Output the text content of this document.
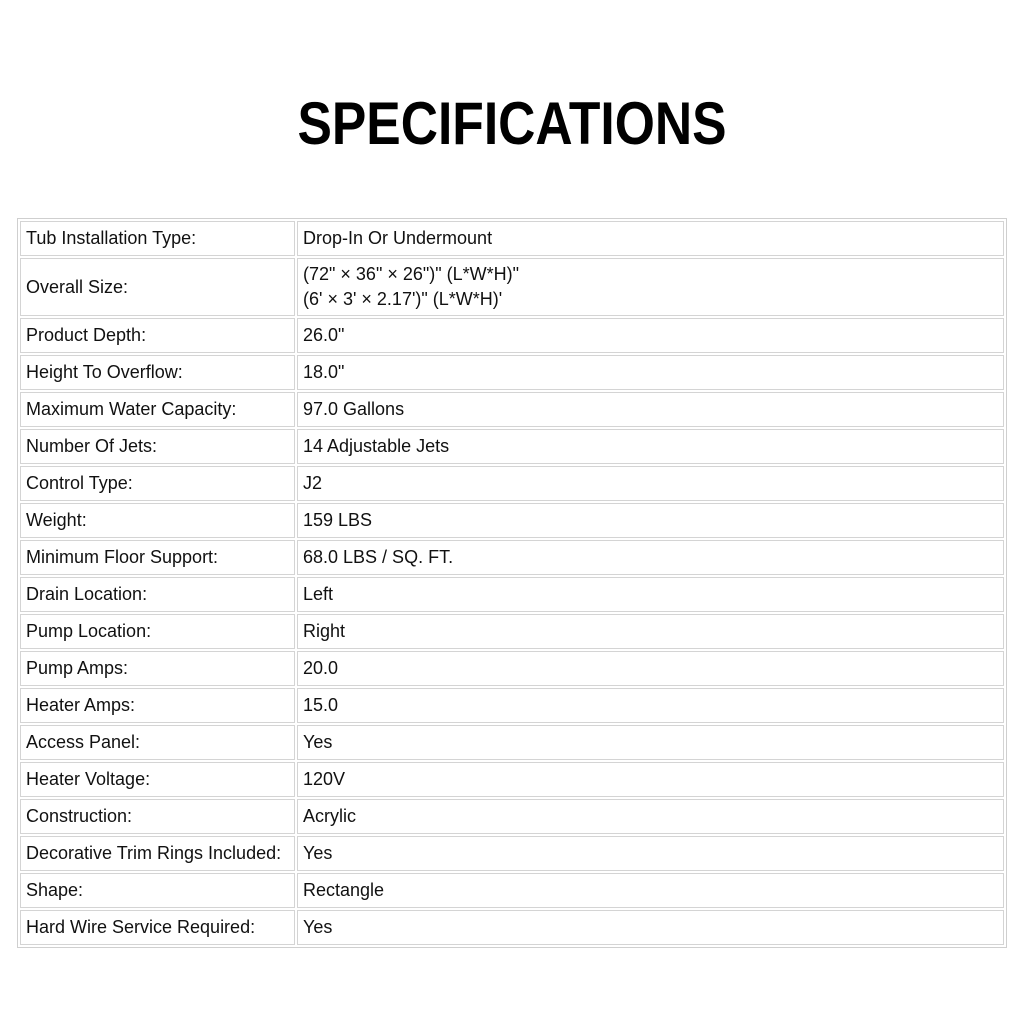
SPECIFICATIONS
Tub Installation Type:	Drop-In Or Undermount

Overall Size:	(72" × 36" × 26")" (L*W*H)"
(6' × 3' × 2.17')" (L*W*H)'

Product Depth:	26.0"

Height To Overflow:	18.0"

Maximum Water Capacity:	97.0 Gallons

Number Of Jets:	14 Adjustable Jets

Control Type:	J2

Weight:	159 LBS

Minimum Floor Support:	68.0 LBS / SQ. FT.

Drain Location:	Left

Pump Location:	Right

Pump Amps:	20.0

Heater Amps:	15.0

Access Panel:	Yes

Heater Voltage:	120V

Construction:	Acrylic

Decorative Trim Rings Included:	Yes

Shape:	Rectangle

Hard Wire Service Required:	Yes
